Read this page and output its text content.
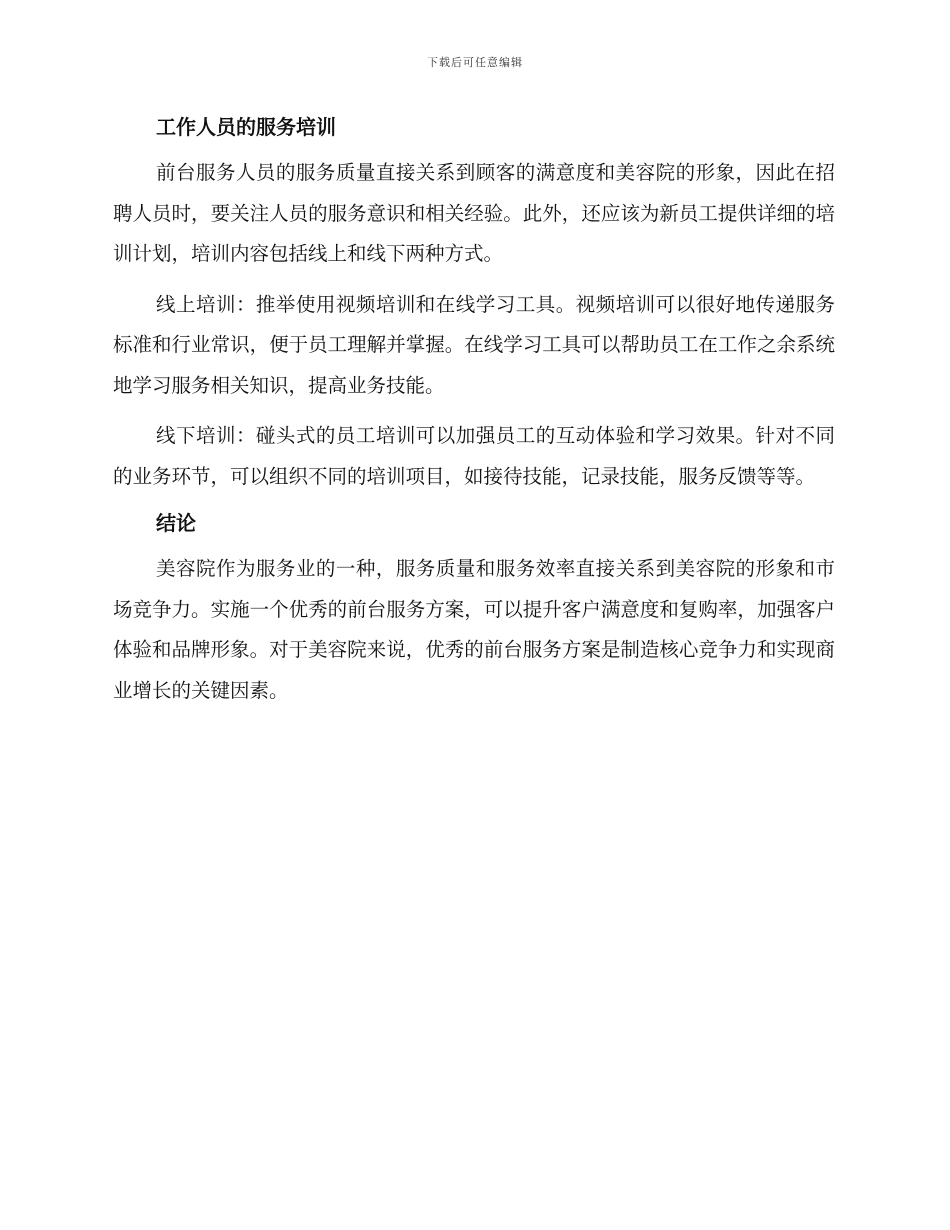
下载后可任意编辑
工作人员的服务培训

前台服务人员的服务质量直接关系到顾客的满意度和美容院的形象，因此在招聘人员时，要关注人员的服务意识和相关经验。此外，还应该为新员工提供详细的培训计划，培训内容包括线上和线下两种方式。

线上培训：推举使用视频培训和在线学习工具。视频培训可以很好地传递服务标准和行业常识，便于员工理解并掌握。在线学习工具可以帮助员工在工作之余系统地学习服务相关知识，提高业务技能。

线下培训：碰头式的员工培训可以加强员工的互动体验和学习效果。针对不同的业务环节，可以组织不同的培训项目，如接待技能，记录技能，服务反馈等等。

结论

美容院作为服务业的一种，服务质量和服务效率直接关系到美容院的形象和市场竞争力。实施一个优秀的前台服务方案，可以提升客户满意度和复购率，加强客户体验和品牌形象。对于美容院来说，优秀的前台服务方案是制造核心竞争力和实现商业增长的关键因素。
